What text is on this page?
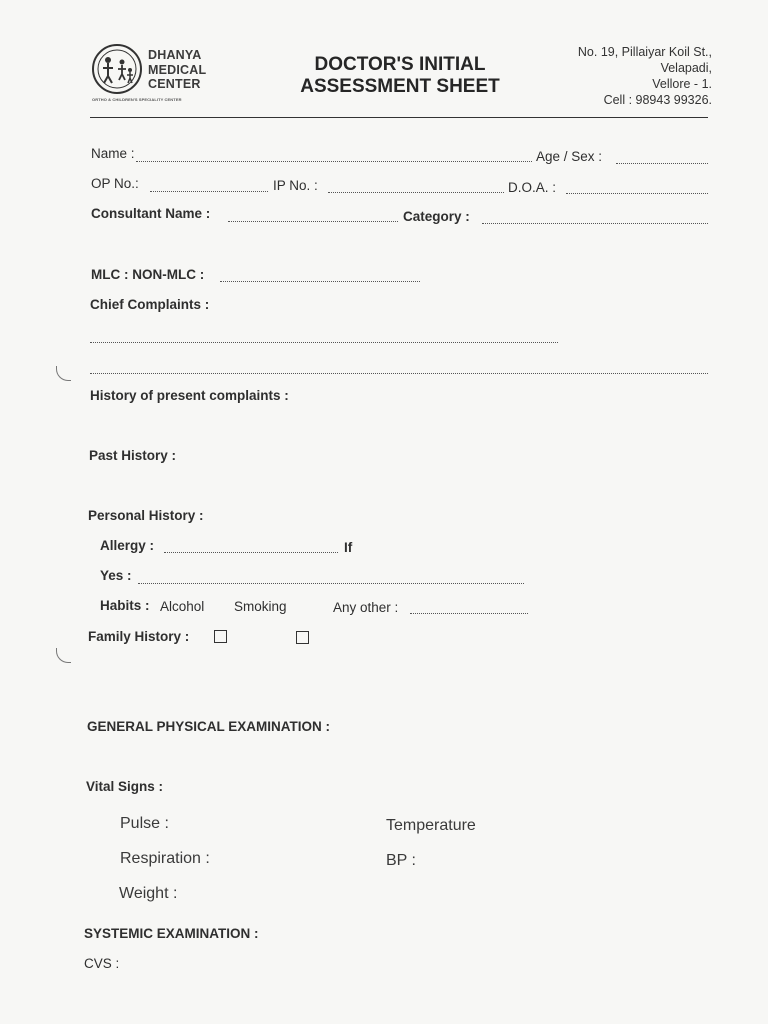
DHANYA
MEDICAL
CENTER
ORTHO & CHILDREN'S SPECIALITY CENTER
DOCTOR'S INITIAL
ASSESSMENT SHEET
No. 19, Pillaiyar Koil St.,
Velapadi,
Vellore - 1.
Cell : 98943 99326.
Name :	Age / Sex :
OP No.:	IP No. :	D.O.A. :
Consultant Name :	Category :
MLC : NON-MLC :
Chief Complaints :
History of present complaints :
Past History :
Personal History :
Allergy :	If
Yes :
Habits : Alcohol Smoking	Any other :
Family History :
GENERAL PHYSICAL EXAMINATION :
Vital Signs :
Pulse :	Temperature
Respiration :	BP :
Weight :
SYSTEMIC EXAMINATION :
CVS :
